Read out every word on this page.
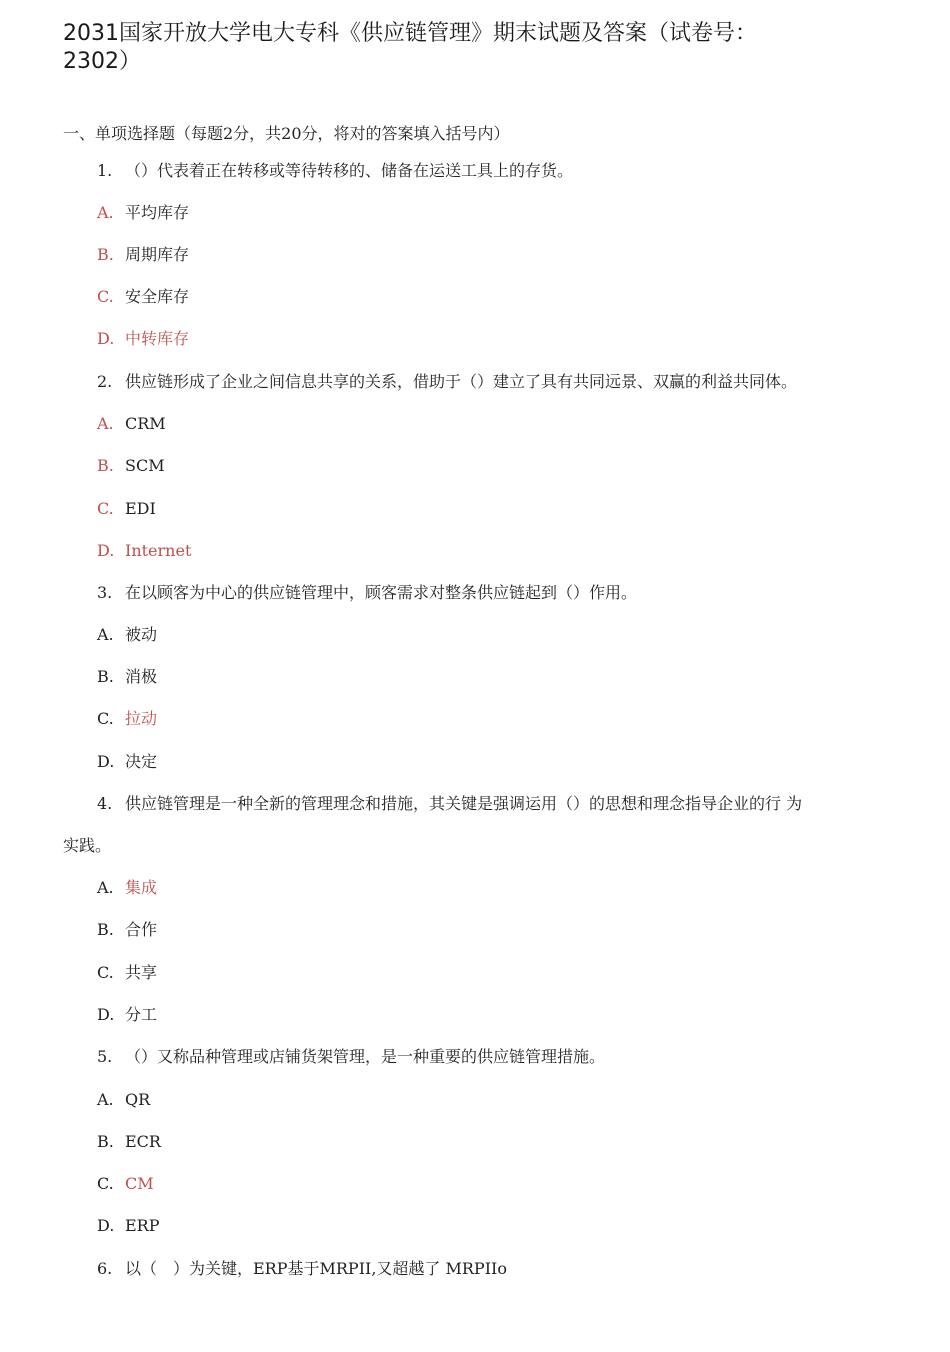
2031国家开放大学电大专科《供应链管理》期末试题及答案（试卷号：
2302）
一、单项选择题（每题2分，共20分，将对的答案填入括号内）
1. （）代表着正在转移或等待转移的、储备在运送工具上的存货。
A. 平均库存
B. 周期库存
C. 安全库存
D. 中转库存
2. 供应链形成了企业之间信息共享的关系，借助于（）建立了具有共同远景、双赢的利益共同体。
A. CRM
B. SCM
C. EDI
D. Internet
3. 在以顾客为中心的供应链管理中，顾客需求对整条供应链起到（）作用。
A. 被动
B. 消极
C. 拉动
D. 决定
4. 供应链管理是一种全新的管理理念和措施，其关键是强调运用（）的思想和理念指导企业的行 为
实践。
A. 集成
B. 合作
C. 共享
D. 分工
5. （）又称品种管理或店铺货架管理，是一种重要的供应链管理措施。
A. QR
B. ECR
C. CM
D. ERP
6. 以（　）为关键，ERP基于MRPII,又超越了 MRPIIo
